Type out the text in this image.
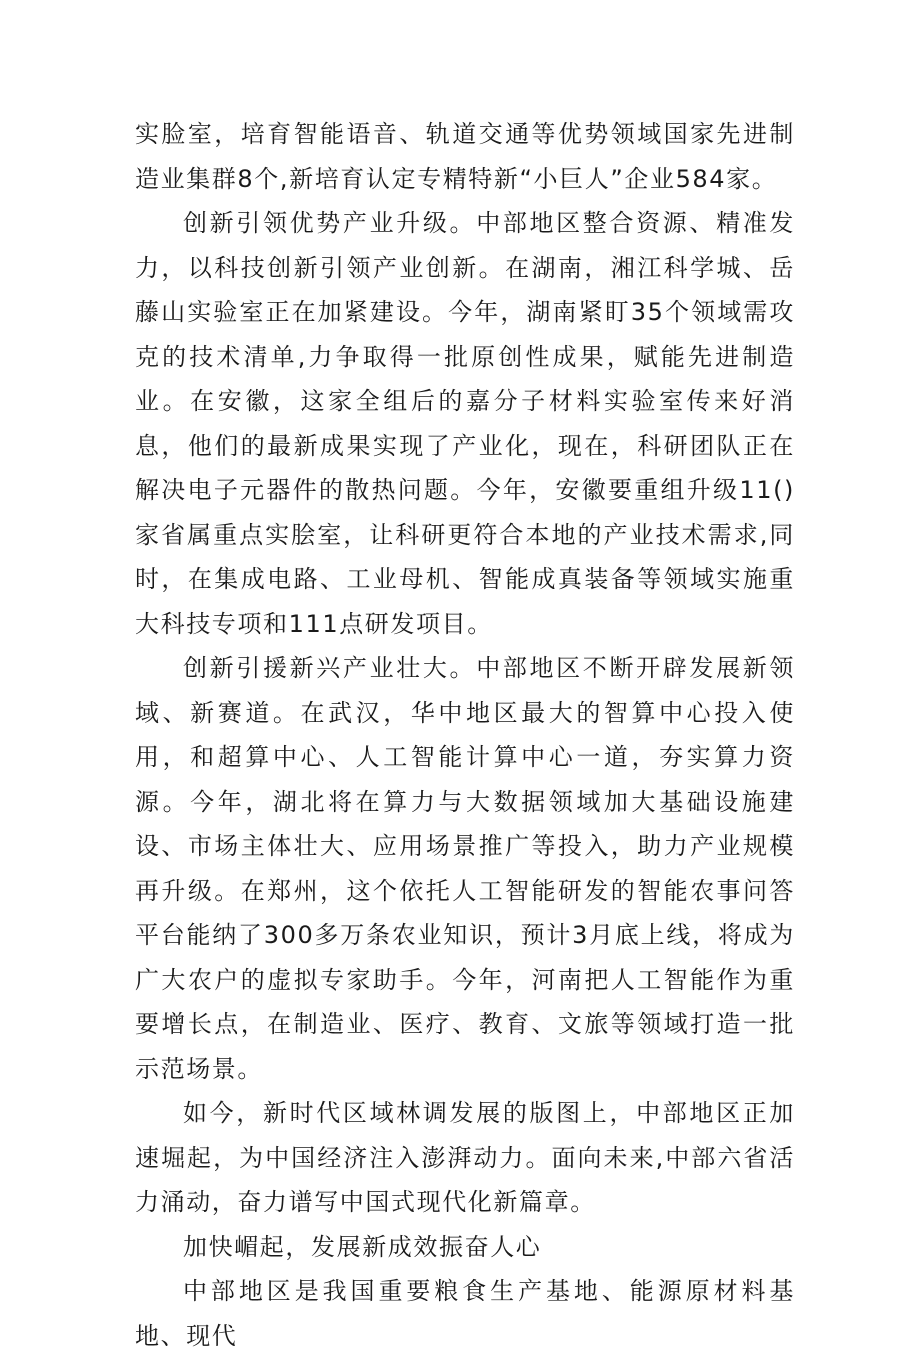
实脸室，培育智能语音、轨道交通等优势领域国家先进制造业集群8个,新培育认定专精特新“小巨人”企业584家。

创新引领优势产业升级。中部地区整合资源、精准发力，以科技创新引领产业创新。在湖南，湘江科学城、岳藤山实验室正在加紧建设。今年，湖南紧盯35个领域需攻克的技术清单,力争取得一批原创性成果，赋能先进制造业。在安徽，这家全组后的嘉分子材料实验室传来好消息，他们的最新成果实现了产业化，现在，科研团队正在解决电子元器件的散热问题。今年，安徽要重组升级11()家省属重点实脍室，让科研更符合本地的产业技术需求,同时，在集成电路、工业母机、智能成真装备等领域实施重大科技专项和111点研发项目。

创新引援新兴产业壮大。中部地区不断开辟发展新领域、新赛道。在武汉，华中地区最大的智算中心投入使用，和超算中心、人工智能计算中心一道，夯实算力资源。今年，湖北将在算力与大数据领域加大基础设施建设、市场主体壮大、应用场景推广等投入，助力产业规模再升级。在郑州，这个依托人工智能研发的智能农事问答平台能纳了300多万条农业知识，预计3月底上线，将成为广大农户的虚拟专家助手。今年，河南把人工智能作为重要增长点，在制造业、医疗、教育、文旅等领域打造一批示范场景。

如今，新时代区域林调发展的版图上，中部地区正加速堀起，为中国经济注入澎湃动力。面向未来,中部六省活力涌动，奋力谱写中国式现代化新篇章。

加快嵋起，发展新成效振奋人心

中部地区是我国重要粮食生产基地、能源原材料基地、现代
